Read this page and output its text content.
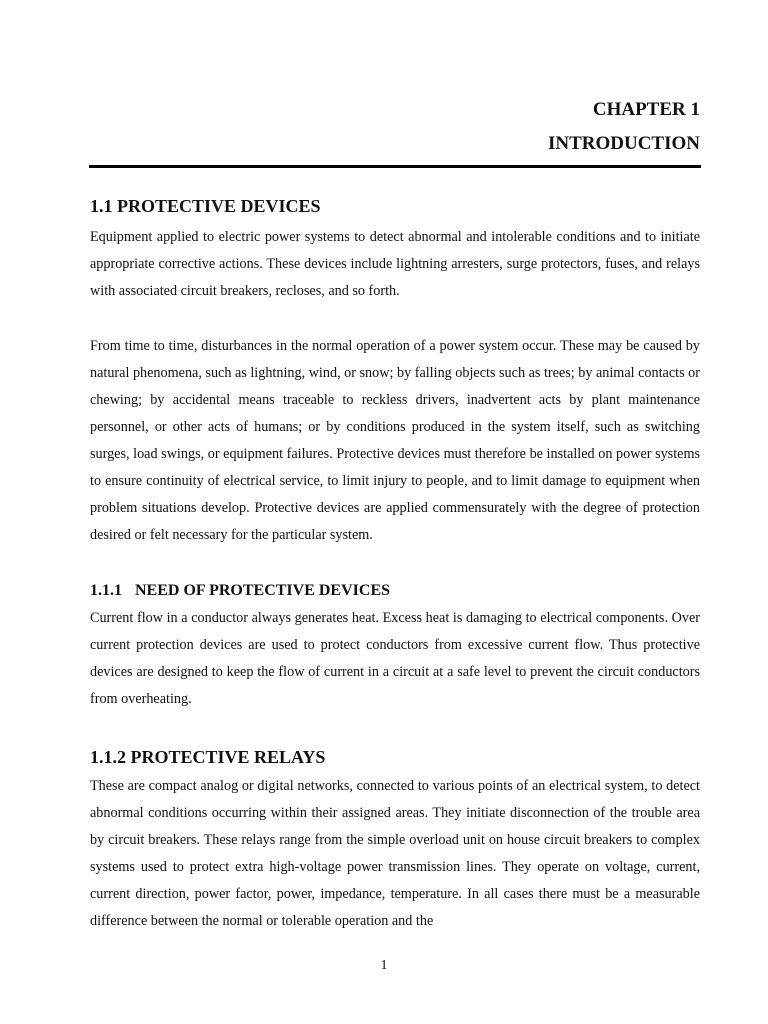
CHAPTER 1
INTRODUCTION
1.1 PROTECTIVE DEVICES

Equipment applied to electric power systems to detect abnormal and intolerable conditions and to initiate appropriate corrective actions. These devices include lightning arresters, surge protectors, fuses, and relays with associated circuit breakers, recloses, and so forth.

From time to time, disturbances in the normal operation of a power system occur. These may be caused by natural phenomena, such as lightning, wind, or snow; by falling objects such as trees; by animal contacts or chewing; by accidental means traceable to reckless drivers, inadvertent acts by plant maintenance personnel, or other acts of humans; or by conditions produced in the system itself, such as switching surges, load swings, or equipment failures. Protective devices must therefore be installed on power systems to ensure continuity of electrical service, to limit injury to people, and to limit damage to equipment when problem situations develop. Protective devices are applied commensurately with the degree of protection desired or felt necessary for the particular system.

1.1.1 NEED OF PROTECTIVE DEVICES

Current flow in a conductor always generates heat. Excess heat is damaging to electrical components. Over current protection devices are used to protect conductors from excessive current flow. Thus protective devices are designed to keep the flow of current in a circuit at a safe level to prevent the circuit conductors from overheating.

1.1.2 PROTECTIVE RELAYS

These are compact analog or digital networks, connected to various points of an electrical system, to detect abnormal conditions occurring within their assigned areas. They initiate disconnection of the trouble area by circuit breakers. These relays range from the simple overload unit on house circuit breakers to complex systems used to protect extra high-voltage power transmission lines. They operate on voltage, current, current direction, power factor, power, impedance, temperature. In all cases there must be a measurable difference between the normal or tolerable operation and the

1
